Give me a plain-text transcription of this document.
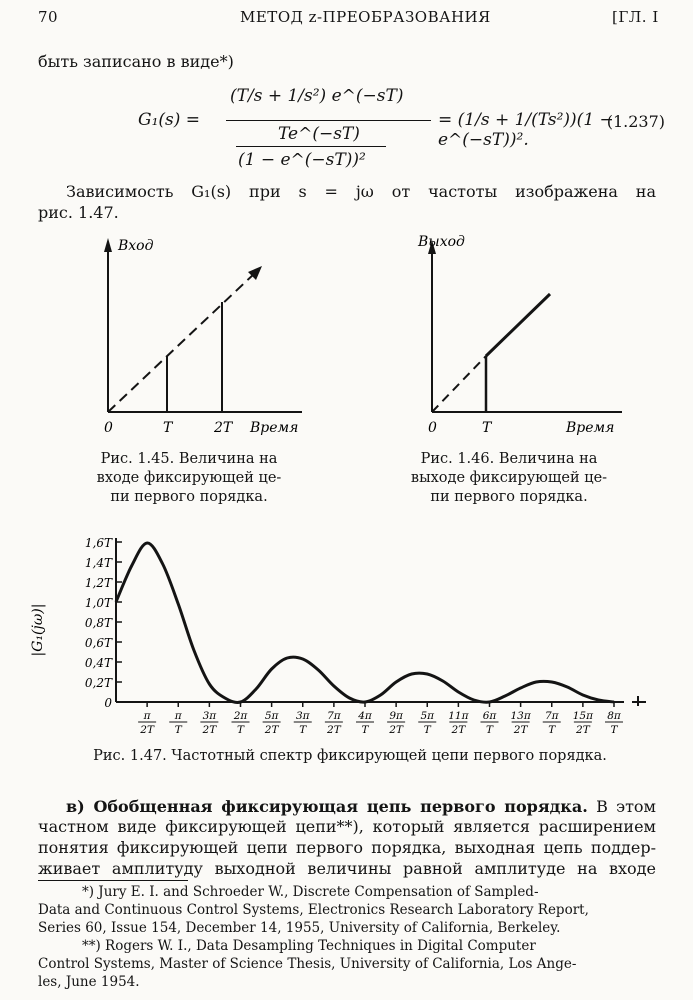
70	МЕТОД z-ПРЕОБРАЗОВАНИЯ	[ГЛ. I
быть записано в виде*)
G₁(s) =
(T/s + 1/s²) e^(−sT)
Te^(−sT)
(1 − e^(−sT))²
= (1/s + 1/(Ts²))(1 − e^(−sT))².
(1.237)
Зависимость G₁(s) при s = jω от частоты изображена на
рис. 1.47.
Вход
0	T	2T Время
Рис. 1.45. Величина на
входе фиксирующей це-
пи первого порядка.
Выход
0	T	Время
Рис. 1.46. Величина на
выходе фиксирующей це-
пи первого порядка.
0
0,2T
0,4T
0,6T
0,8T
1,0T
1,2T
1,4T
1,6T
|G₁(jω)|
π
2T
π
T
3π
2T
2π
T
5π
2T
3π
T
7π
2T
4π
T
9π
2T
5π
T
11π
2T
6π
T
13π
2T
7π
T
15π
2T
8π
T
Рис. 1.47. Частотный спектр фиксирующей цепи первого порядка.
в) Обобщенная фиксирующая цепь первого порядка. В этом
частном виде фиксирующей цепи**), который является расширением
понятия фиксирующей цепи первого порядка, выходная цепь поддер-
живает амплитуду выходной величины равной амплитуде на входе
*) Jury E. I. and Schroeder W., Discrete Compensation of Sampled-
Data and Continuous Control Systems, Electronics Research Laboratory Report,
Series 60, Issue 154, December 14, 1955, University of California, Berkeley.
**) Rogers W. I., Data Desampling Techniques in Digital Computer
Control Systems, Master of Science Thesis, University of California, Los Ange-
les, June 1954.
